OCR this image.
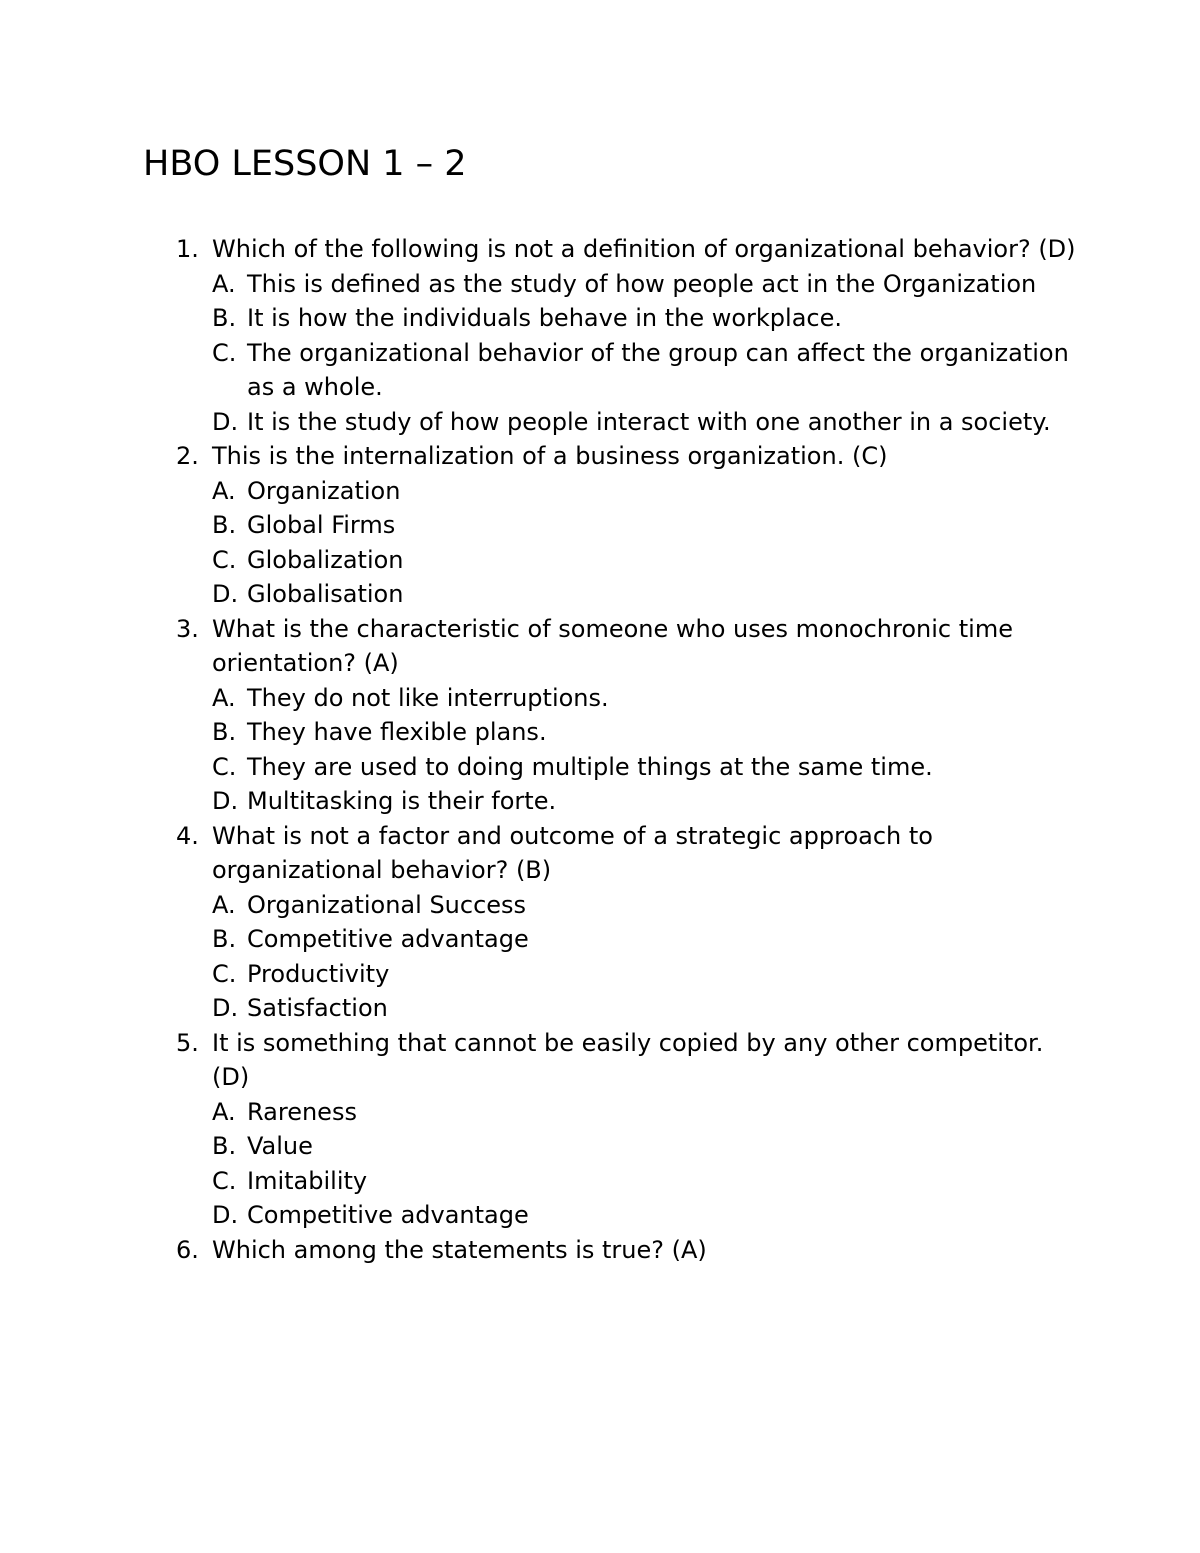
HBO LESSON 1 – 2
1. Which of the following is not a definition of organizational behavior? (D)
A. This is defined as the study of how people act in the Organization
B. It is how the individuals behave in the workplace.
C. The organizational behavior of the group can affect the organization as a whole.
D. It is the study of how people interact with one another in a society.
2. This is the internalization of a business organization. (C)
A. Organization
B. Global Firms
C. Globalization
D. Globalisation
3. What is the characteristic of someone who uses monochronic time orientation? (A)
A. They do not like interruptions.
B. They have flexible plans.
C. They are used to doing multiple things at the same time.
D. Multitasking is their forte.
4. What is not a factor and outcome of a strategic approach to organizational behavior? (B)
A. Organizational Success
B. Competitive advantage
C. Productivity
D. Satisfaction
5. It is something that cannot be easily copied by any other competitor. (D)
A. Rareness
B. Value
C. Imitability
D. Competitive advantage
6. Which among the statements is true? (A)
